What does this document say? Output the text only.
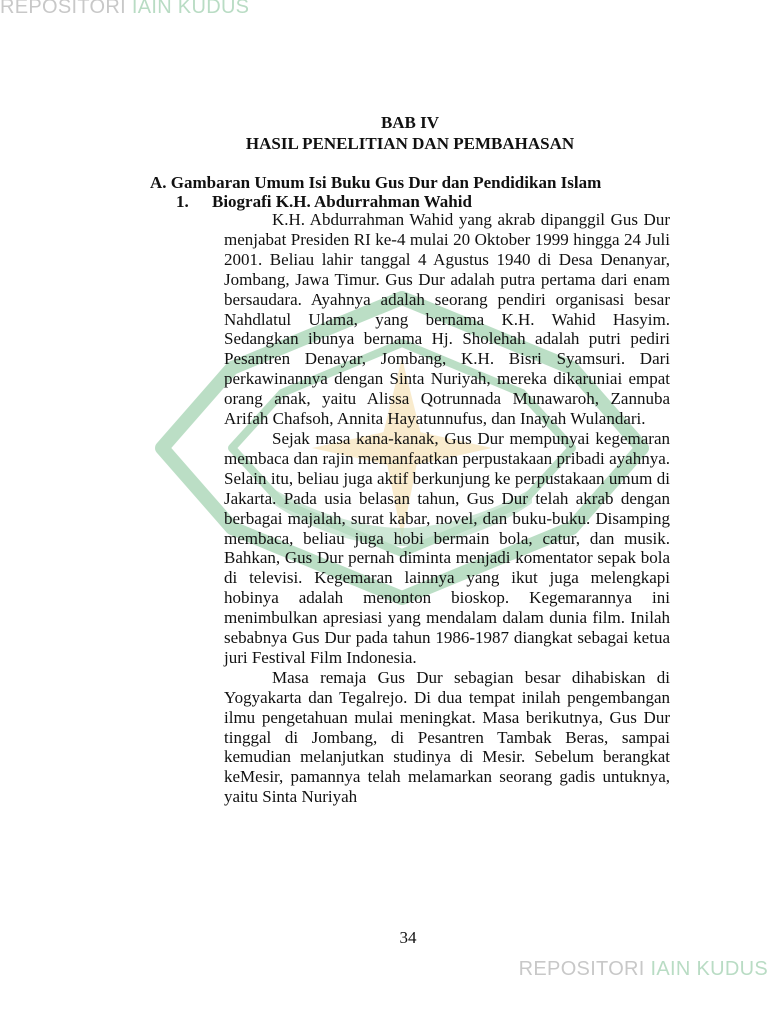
REPOSITORI IAIN KUDUS
BAB IV
HASIL PENELITIAN DAN PEMBAHASAN
A. Gambaran Umum Isi Buku Gus Dur dan Pendidikan Islam
1. Biografi K.H. Abdurrahman Wahid

K.H. Abdurrahman Wahid yang akrab dipanggil Gus Dur menjabat Presiden RI ke-4 mulai 20 Oktober 1999 hingga 24 Juli 2001. Beliau lahir tanggal 4 Agustus 1940 di Desa Denanyar, Jombang, Jawa Timur. Gus Dur adalah putra pertama dari enam bersaudara. Ayahnya adalah seorang pendiri organisasi besar Nahdlatul Ulama, yang bernama K.H. Wahid Hasyim. Sedangkan ibunya bernama Hj. Sholehah adalah putri pediri Pesantren Denayar, Jombang, K.H. Bisri Syamsuri. Dari perkawinannya dengan Sinta Nuriyah, mereka dikaruniai empat orang anak, yaitu Alissa Qotrunnada Munawaroh, Zannuba Arifah Chafsoh, Annita Hayatunnufus, dan Inayah Wulandari.

Sejak masa kana-kanak, Gus Dur mempunyai kegemaran membaca dan rajin memanfaatkan perpustakaan pribadi ayahnya. Selain itu, beliau juga aktif berkunjung ke perpustakaan umum di Jakarta. Pada usia belasan tahun, Gus Dur telah akrab dengan berbagai majalah, surat kabar, novel, dan buku-buku. Disamping membaca, beliau juga hobi bermain bola, catur, dan musik. Bahkan, Gus Dur pernah diminta menjadi komentator sepak bola di televisi. Kegemaran lainnya yang ikut juga melengkapi hobinya adalah menonton bioskop. Kegemarannya ini menimbulkan apresiasi yang mendalam dalam dunia film. Inilah sebabnya Gus Dur pada tahun 1986-1987 diangkat sebagai ketua juri Festival Film Indonesia.

Masa remaja Gus Dur sebagian besar dihabiskan di Yogyakarta dan Tegalrejo. Di dua tempat inilah pengembangan ilmu pengetahuan mulai meningkat. Masa berikutnya, Gus Dur tinggal di Jombang, di Pesantren Tambak Beras, sampai kemudian melanjutkan studinya di Mesir. Sebelum berangkat keMesir, pamannya telah melamarkan seorang gadis untuknya, yaitu Sinta Nuriyah

34
REPOSITORI IAIN KUDUS
